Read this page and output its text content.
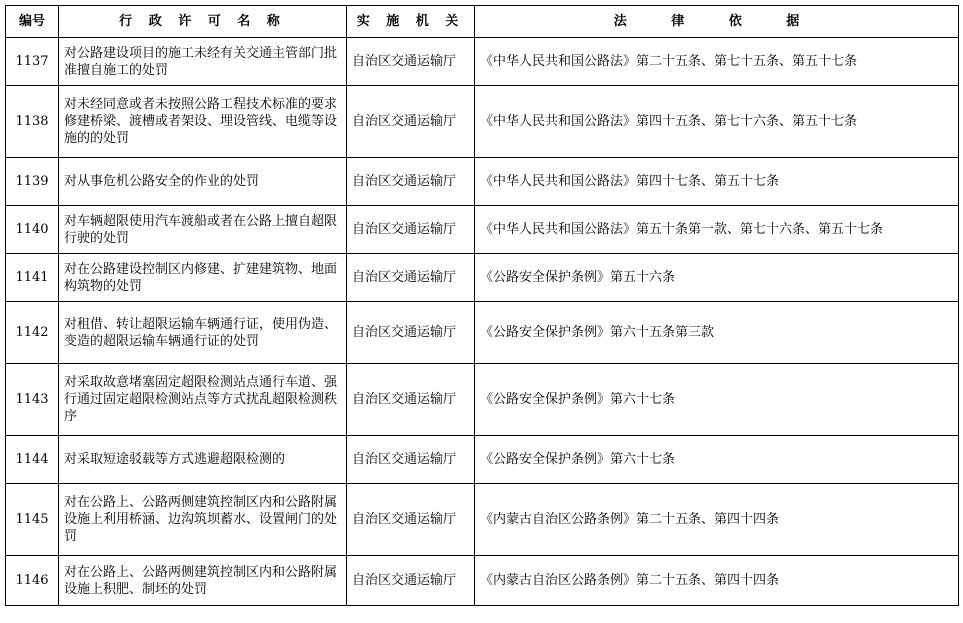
编号	行 政 许 可 名 称	实 施 机 关	法 律 依 据
1137	对公路建设项目的施工未经有关交通主管部门批准擅自施工的处罚	自治区交通运输厅	《中华人民共和国公路法》第二十五条、第七十五条、第五十七条
1138	对未经同意或者未按照公路工程技术标准的要求修建桥梁、渡槽或者架设、埋设管线、电缆等设施的的处罚	自治区交通运输厅	《中华人民共和国公路法》第四十五条、第七十六条、第五十七条
1139	对从事危机公路安全的作业的处罚	自治区交通运输厅	《中华人民共和国公路法》第四十七条、第五十七条
1140	对车辆超限使用汽车渡船或者在公路上擅自超限行驶的处罚	自治区交通运输厅	《中华人民共和国公路法》第五十条第一款、第七十六条、第五十七条
1141	对在公路建设控制区内修建、扩建建筑物、地面构筑物的处罚	自治区交通运输厅	《公路安全保护条例》第五十六条
1142	对租借、转让超限运输车辆通行证，使用伪造、变造的超限运输车辆通行证的处罚	自治区交通运输厅	《公路安全保护条例》第六十五条第三款
1143	对采取故意堵塞固定超限检测站点通行车道、强行通过固定超限检测站点等方式扰乱超限检测秩序	自治区交通运输厅	《公路安全保护条例》第六十七条
1144	对采取短途驳载等方式逃避超限检测的	自治区交通运输厅	《公路安全保护条例》第六十七条
1145	对在公路上、公路两侧建筑控制区内和公路附属设施上利用桥涵、边沟筑坝蓄水、设置闸门的处罚	自治区交通运输厅	《内蒙古自治区公路条例》第二十五条、第四十四条
1146	对在公路上、公路两侧建筑控制区内和公路附属设施上积肥、制坯的处罚	自治区交通运输厅	《内蒙古自治区公路条例》第二十五条、第四十四条
